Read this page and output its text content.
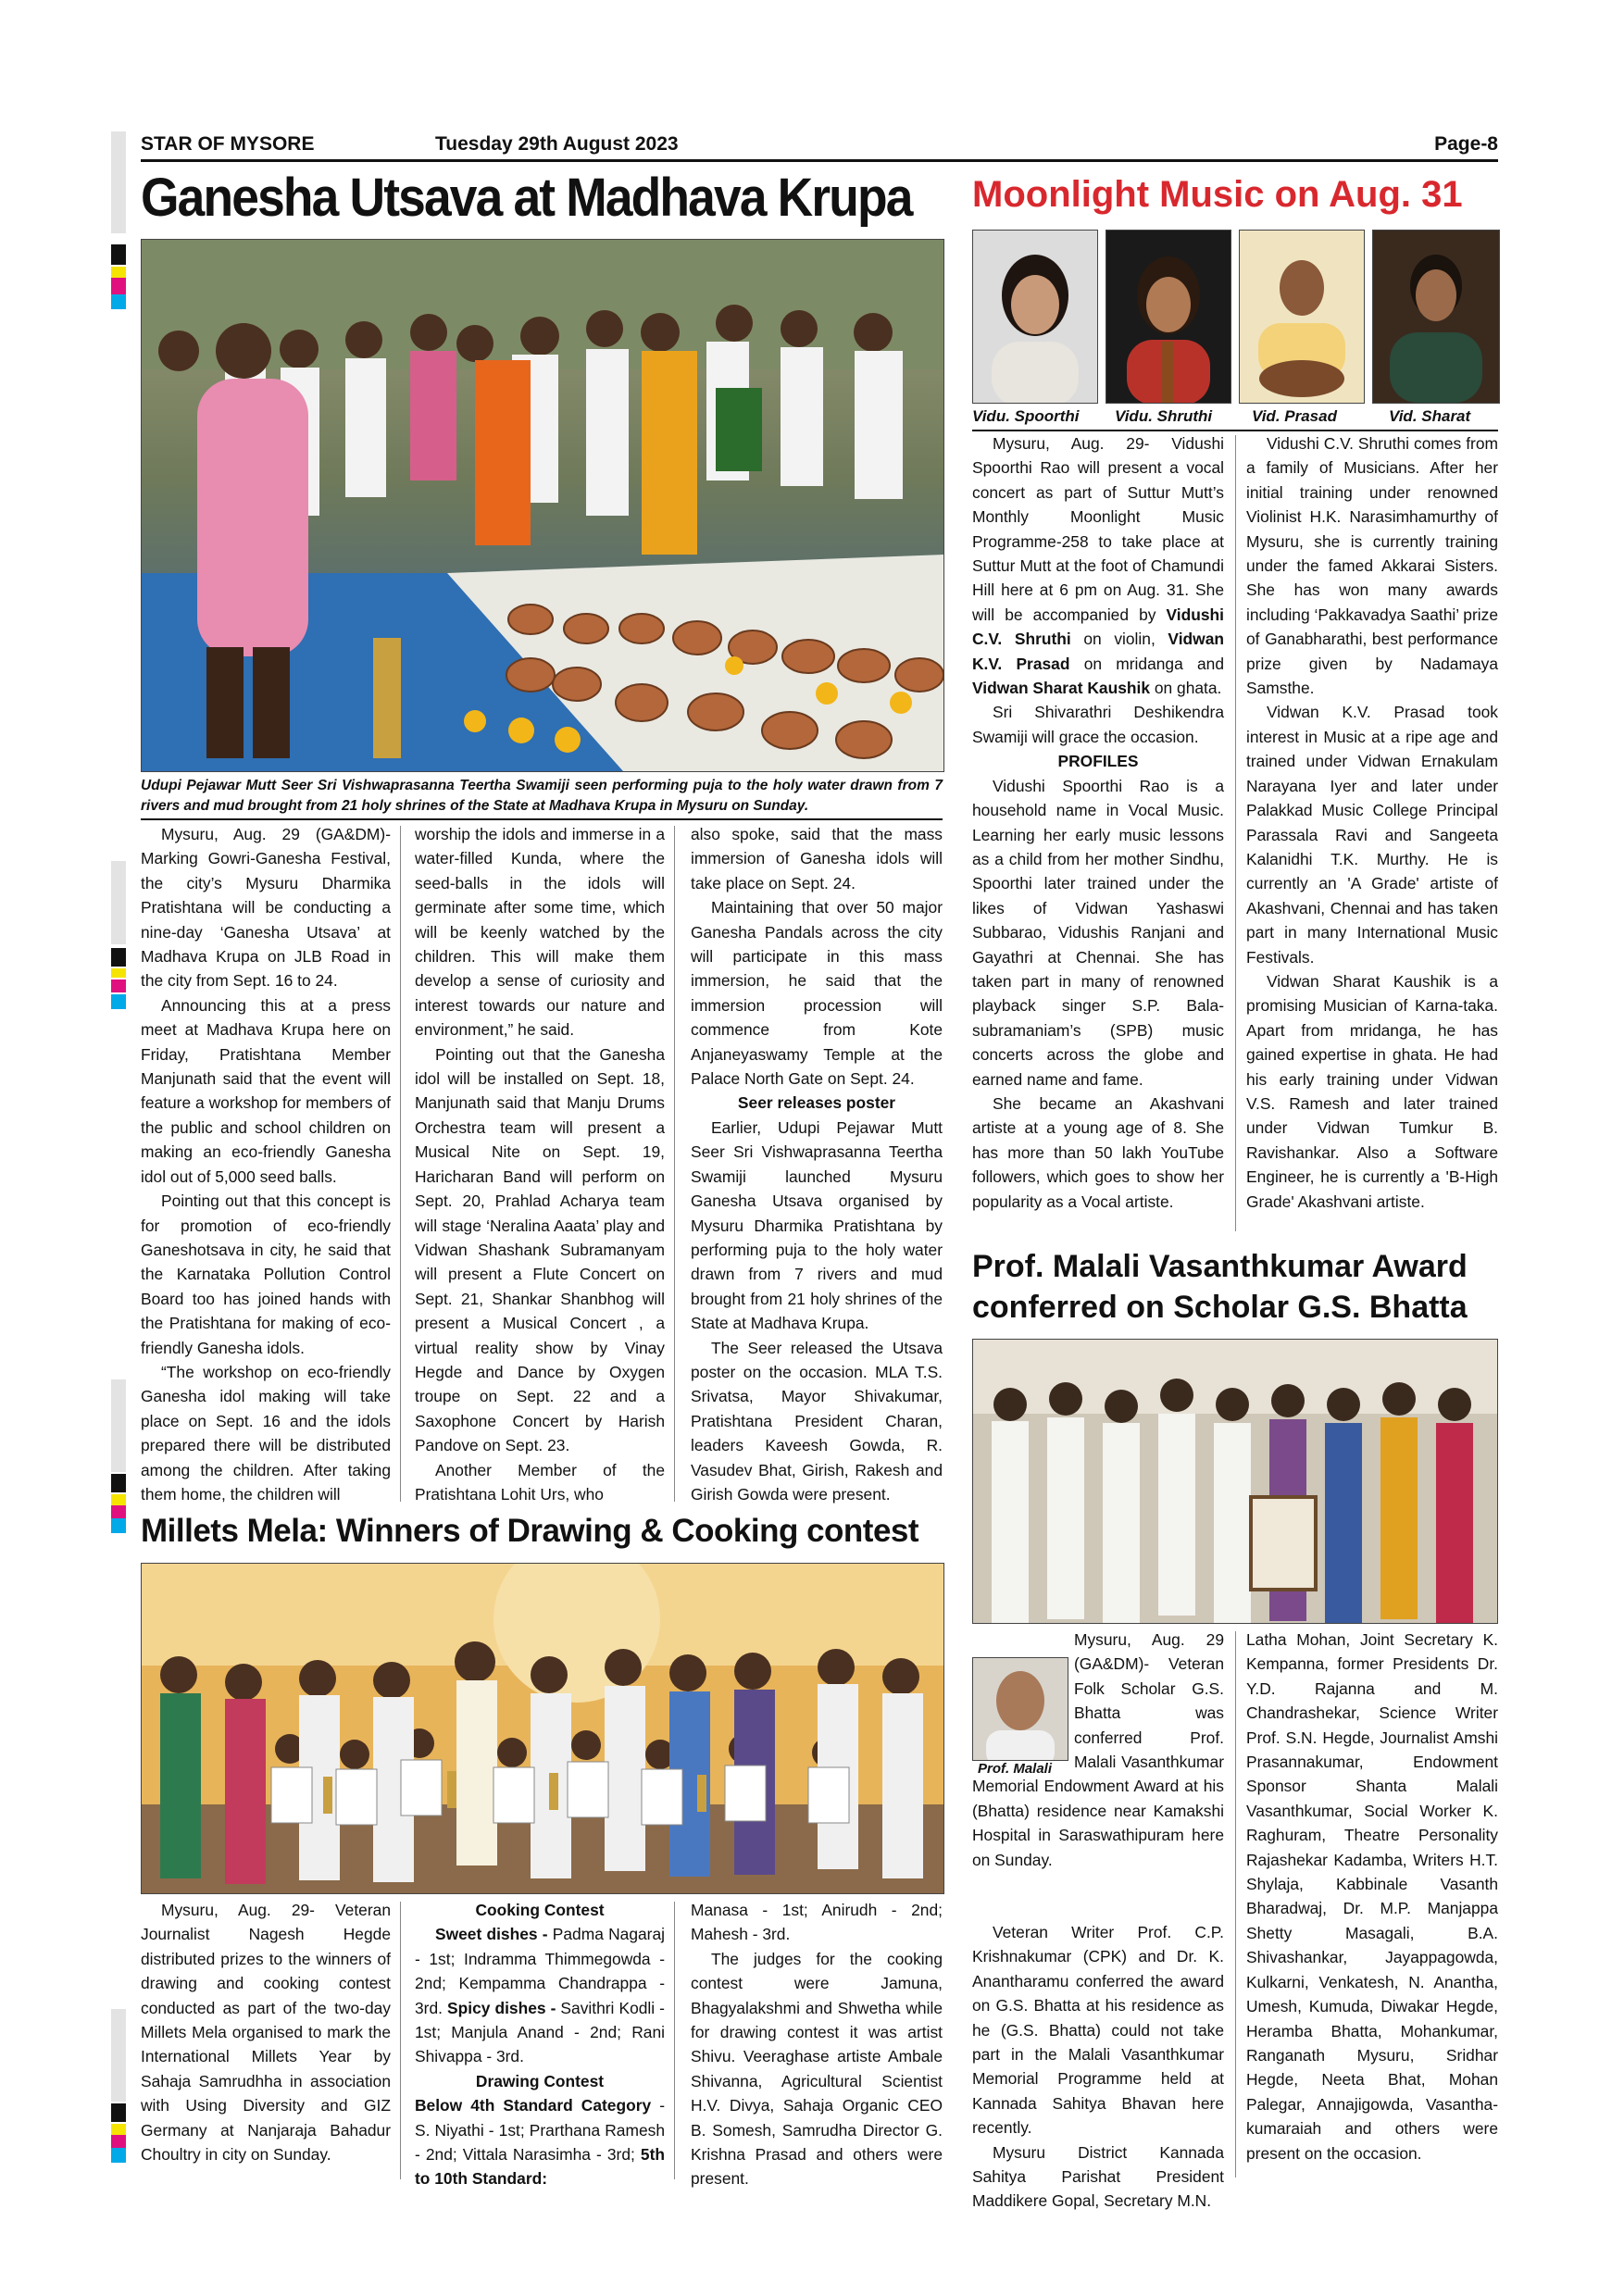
STAR OF MYSORE	Tuesday 29th August 2023	Page-8
Ganesha Utsava at Madhava Krupa
Udupi Pejawar Mutt Seer Sri Vishwaprasanna Teertha Swamiji seen performing puja to the holy water drawn from 7 rivers and mud brought from 21 holy shrines of the State at Madhava Krupa in Mysuru on Sunday.

Mysuru, Aug. 29 (GA&DM)- Marking Gowri-Ganesha Festival, the city’s Mysuru Dharmika Pratishtana will be conducting a nine-day ‘Ganesha Utsava’ at Madhava Krupa on JLB Road in the city from Sept. 16 to 24.

Announcing this at a press meet at Madhava Krupa here on Friday, Pratishtana Member Manjunath said that the event will feature a workshop for members of the public and school children on making an eco-friendly Ganesha idol out of 5,000 seed balls.

Pointing out that this concept is for promotion of eco-friendly Ganeshotsava in city, he said that the Karnataka Pollution Control Board too has joined hands with the Pratishtana for making of eco-friendly Ganesha idols.

“The workshop on eco-friendly Ganesha idol making will take place on Sept. 16 and the idols prepared there will be distributed among the children. After taking them home, the children will

worship the idols and immerse in a water-filled Kunda, where the seed-balls in the idols will germinate after some time, which will be keenly watched by the children. This will make them develop a sense of curiosity and interest towards our nature and environment,” he said.

Pointing out that the Ganesha idol will be installed on Sept. 18, Manjunath said that Manju Drums Orchestra team will present a Musical Nite on Sept. 19, Haricharan Band will perform on Sept. 20, Prahlad Acharya team will stage ‘Neralina Aaata’ play and Vidwan Shashank Subramanyam will present a Flute Concert on Sept. 21, Shankar Shanbhog will present a Musical Concert , a virtual reality show by Vinay Hegde and Dance by Oxygen troupe on Sept. 22 and a Saxophone Concert by Harish Pandove on Sept. 23.

Another Member of the Pratishtana Lohit Urs, who

also spoke, said that the mass immersion of Ganesha idols will take place on Sept. 24.

Maintaining that over 50 major Ganesha Pandals across the city will participate in this mass immersion, he said that the immersion procession will commence from Kote Anjaneyaswamy Temple at the Palace North Gate on Sept. 24.

Seer releases poster

Earlier, Udupi Pejawar Mutt Seer Sri Vishwaprasanna Teertha Swamiji launched Mysuru Ganesha Utsava organised by Mysuru Dharmika Pratishtana by performing puja to the holy water drawn from 7 rivers and mud brought from 21 holy shrines of the State at Madhava Krupa.

The Seer released the Utsava poster on the occasion. MLA T.S. Srivatsa, Mayor Shivakumar, Pratishtana President Charan, leaders Kaveesh Gowda, R. Vasudev Bhat, Girish, Rakesh and Girish Gowda were present.

Millets Mela: Winners of Drawing & Cooking contest

Mysuru, Aug. 29- Veteran Journalist Nagesh Hegde distributed prizes to the winners of drawing and cooking contest conducted as part of the two-day Millets Mela organised to mark the International Millets Year by Sahaja Samrudhha in association with Using Diversity and GIZ Germany at Nanjaraja Bahadur Choultry in city on Sunday.

Cooking Contest

Sweet dishes - Padma Nagaraj - 1st; Indramma Thimmegowda - 2nd; Kempamma Chandrappa - 3rd. Spicy dishes - Savithri Kodli - 1st; Manjula Anand - 2nd; Rani Shivappa - 3rd.

Drawing Contest

Below 4th Standard Category - S. Niyathi - 1st; Prarthana Ramesh - 2nd; Vittala Narasimha - 3rd; 5th to 10th Standard:

Manasa - 1st; Anirudh - 2nd; Mahesh - 3rd.

The judges for the cooking contest were Jamuna, Bhagyalakshmi and Shwetha while for drawing contest it was artist Shivu. Veeraghase artiste Ambale Shivanna, Agricultural Scientist H.V. Divya, Sahaja Organic CEO B. Somesh, Samrudha Director G. Krishna Prasad and others were present.

Moonlight Music on Aug. 31
Vidu. Spoorthi	Vidu. Shruthi	Vid. Prasad	Vid. Sharat

Mysuru, Aug. 29- Vidushi Spoorthi Rao will present a vocal concert as part of Suttur Mutt’s Monthly Moonlight Music Programme-258 to take place at Suttur Mutt at the foot of Chamundi Hill here at 6 pm on Aug. 31. She will be accompanied by Vidushi C.V. Shruthi on violin, Vidwan K.V. Prasad on mridanga and Vidwan Sharat Kaushik on ghata.

Sri Shivarathri Deshikendra Swamiji will grace the occasion.

PROFILES

Vidushi Spoorthi Rao is a household name in Vocal Music. Learning her early music lessons as a child from her mother Sindhu, Spoorthi later trained under the likes of Vidwan Yashaswi Subbarao, Vidushis Ranjani and Gayathri at Chennai. She has taken part in many of renowned playback singer S.P. Bala-subramaniam’s (SPB) music concerts across the globe and earned name and fame.

She became an Akashvani artiste at a young age of 8. She has more than 50 lakh YouTube followers, which goes to show her popularity as a Vocal artiste.

Vidushi C.V. Shruthi comes from a family of Musicians. After her initial training under renowned Violinist H.K. Narasimhamurthy of Mysuru, she is currently training under the famed Akkarai Sisters. She has won many awards including ‘Pakkavadya Saathi’ prize of Ganabharathi, best performance prize given by Nadamaya Samsthe.

Vidwan K.V. Prasad took interest in Music at a ripe age and trained under Vidwan Ernakulam Narayana Iyer and later under Palakkad Music College Principal Parassala Ravi and Sangeeta Kalanidhi T.K. Murthy. He is currently an 'A Grade' artiste of Akashvani, Chennai and has taken part in many International Music Festivals.

Vidwan Sharat Kaushik is a promising Musician of Karna-taka. Apart from mridanga, he has gained expertise in ghata. He had his early training under Vidwan V.S. Ramesh and later trained under Vidwan Tumkur B. Ravishankar. Also a Software Engineer, he is currently a 'B-High Grade' Akashvani artiste.

Prof. Malali Vasanthkumar Award
conferred on Scholar G.S. Bhatta
Prof. Malali
Mysuru, Aug. 29 (GA&DM)- Veteran Folk Scholar G.S. Bhatta was conferred Prof. Malali Vasanthkumar Memorial Endowment Award at his (Bhatta) residence near Kamakshi Hospital in Saraswathipuram here on Sunday.

Veteran Writer Prof. C.P. Krishnakumar (CPK) and Dr. K. Anantharamu conferred the award on G.S. Bhatta at his residence as he (G.S. Bhatta) could not take part in the Malali Vasanthkumar Memorial Programme held at Kannada Sahitya Bhavan here recently.

Mysuru District Kannada Sahitya Parishat President Maddikere Gopal, Secretary M.N.

Latha Mohan, Joint Secretary K. Kempanna, former Presidents Dr. Y.D. Rajanna and M. Chandrashekar, Science Writer Prof. S.N. Hegde, Journalist Amshi Prasannakumar, Endowment Sponsor Shanta Malali Vasanthkumar, Social Worker K. Raghuram, Theatre Personality Rajashekar Kadamba, Writers H.T. Shylaja, Kabbinale Vasanth Bharadwaj, Dr. M.P. Manjappa Shetty Masagali, B.A. Shivashankar, Jayappagowda, Kulkarni, Venkatesh, N. Anantha, Umesh, Kumuda, Diwakar Hegde, Heramba Bhatta, Mohankumar, Ranganath Mysuru, Sridhar Hegde, Neeta Bhat, Mohan Palegar, Annajigowda, Vasantha-kumaraiah and others were present on the occasion.
